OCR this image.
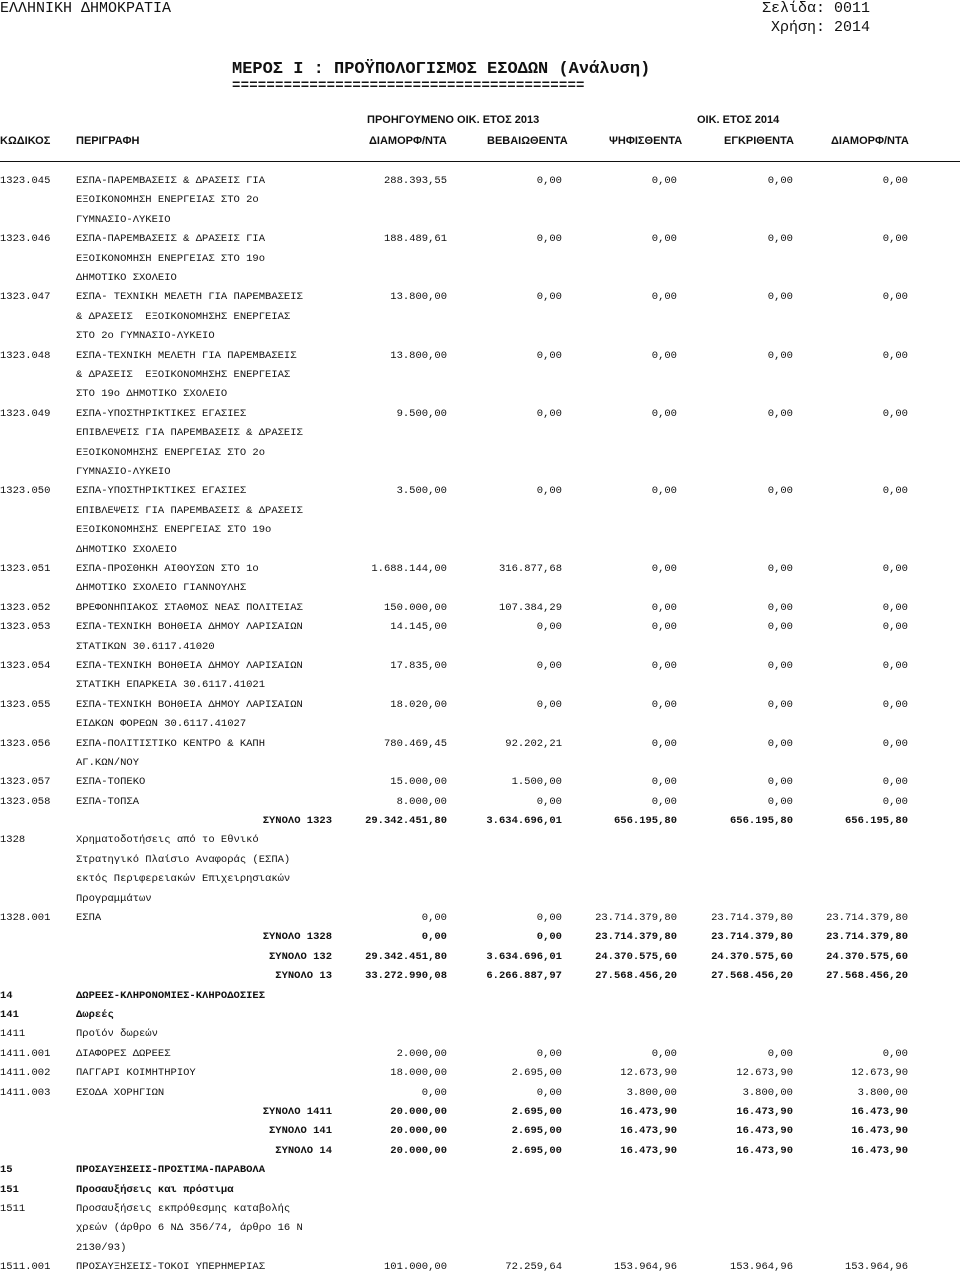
ΕΛΛΗΝΙΚΗ ΔΗΜΟΚΡΑΤΙΑ	Σελίδα: 0011
Χρήση: 2014
ΜΕΡΟΣ Ι : ΠΡΟΫΠΟΛΟΓΙΣΜΟΣ ΕΣΟΔΩΝ (Ανάλυση)
=========================================
ΠΡΟΗΓΟΥΜΕΝΟ ΟΙΚ. ΕΤΟΣ 2013	ΟΙΚ. ΕΤΟΣ 2014
ΚΩΔΙΚΟΣ ΠΕΡΙΓΡΑΦΗ	ΔΙΑΜΟΡΦ/ΝΤΑ	ΒΕΒΑΙΩΘΕΝΤΑ	ΨΗΦΙΣΘΕΝΤΑ	ΕΓΚΡΙΘΕΝΤΑ	ΔΙΑΜΟΡΦ/ΝΤΑ
1323.045 ΕΣΠΑ-ΠΑΡΕΜΒΑΣΕΙΣ & ΔΡΑΣΕΙΣ ΓΙΑ
ΕΞΟΙΚΟΝΟΜΗΣΗ ΕΝΕΡΓΕΙΑΣ ΣΤΟ 2ο
ΓΥΜΝΑΣΙΟ-ΛΥΚΕΙΟ
288.393,55	0,00	0,00	0,00	0,00
1323.046 ΕΣΠΑ-ΠΑΡΕΜΒΑΣΕΙΣ & ΔΡΑΣΕΙΣ ΓΙΑ
ΕΞΟΙΚΟΝΟΜΗΣΗ ΕΝΕΡΓΕΙΑΣ ΣΤΟ 19ο
ΔΗΜΟΤΙΚΟ ΣΧΟΛΕΙΟ
188.489,61	0,00	0,00	0,00	0,00
1323.047 ΕΣΠΑ- ΤΕΧΝΙΚΗ ΜΕΛΕΤΗ ΓΙΑ ΠΑΡΕΜΒΑΣΕΙΣ
& ΔΡΑΣΕΙΣ  ΕΞΟΙΚΟΝΟΜΗΣΗΣ ΕΝΕΡΓΕΙΑΣ
ΣΤΟ 2ο ΓΥΜΝΑΣΙΟ-ΛΥΚΕΙΟ
13.800,00	0,00	0,00	0,00	0,00
1323.048 ΕΣΠΑ-ΤΕΧΝΙΚΗ ΜΕΛΕΤΗ ΓΙΑ ΠΑΡΕΜΒΑΣΕΙΣ
& ΔΡΑΣΕΙΣ  ΕΞΟΙΚΟΝΟΜΗΣΗΣ ΕΝΕΡΓΕΙΑΣ
ΣΤΟ 19ο ΔΗΜΟΤΙΚΟ ΣΧΟΛΕΙΟ
13.800,00	0,00	0,00	0,00	0,00
1323.049 ΕΣΠΑ-ΥΠΟΣΤΗΡΙΚΤΙΚΕΣ ΕΓΑΣΙΕΣ
ΕΠΙΒΛΕΨΕΙΣ ΓΙΑ ΠΑΡΕΜΒΑΣΕΙΣ & ΔΡΑΣΕΙΣ
ΕΞΟΙΚΟΝΟΜΗΣΗΣ ΕΝΕΡΓΕΙΑΣ ΣΤΟ 2ο
ΓΥΜΝΑΣΙΟ-ΛΥΚΕΙΟ
9.500,00	0,00	0,00	0,00	0,00
1323.050 ΕΣΠΑ-ΥΠΟΣΤΗΡΙΚΤΙΚΕΣ ΕΓΑΣΙΕΣ
ΕΠΙΒΛΕΨΕΙΣ ΓΙΑ ΠΑΡΕΜΒΑΣΕΙΣ & ΔΡΑΣΕΙΣ
ΕΞΟΙΚΟΝΟΜΗΣΗΣ ΕΝΕΡΓΕΙΑΣ ΣΤΟ 19ο
ΔΗΜΟΤΙΚΟ ΣΧΟΛΕΙΟ
3.500,00	0,00	0,00	0,00	0,00
1323.051 ΕΣΠΑ-ΠΡΟΣΘΗΚΗ ΑΙΘΟΥΣΩΝ ΣΤΟ 1ο
ΔΗΜΟΤΙΚΟ ΣΧΟΛΕΙΟ ΓΙΑΝΝΟΥΛΗΣ
1.688.144,00	316.877,68	0,00	0,00	0,00
1323.052 ΒΡΕΦΟΝΗΠΙΑΚΟΣ ΣΤΑΘΜΟΣ ΝΕΑΣ ΠΟΛΙΤΕΙΑΣ	150.000,00	107.384,29	0,00	0,00	0,00
1323.053 ΕΣΠΑ-ΤΕΧΝΙΚΗ ΒΟΗΘΕΙΑ ΔΗΜΟΥ ΛΑΡΙΣΑΙΩΝ
ΣΤΑΤΙΚΩΝ 30.6117.41020
14.145,00	0,00	0,00	0,00	0,00
1323.054 ΕΣΠΑ-ΤΕΧΝΙΚΗ ΒΟΗΘΕΙΑ ΔΗΜΟΥ ΛΑΡΙΣΑΙΩΝ
ΣΤΑΤΙΚΗ ΕΠΑΡΚΕΙΑ 30.6117.41021
17.835,00	0,00	0,00	0,00	0,00
1323.055 ΕΣΠΑ-ΤΕΧΝΙΚΗ ΒΟΗΘΕΙΑ ΔΗΜΟΥ ΛΑΡΙΣΑΙΩΝ
ΕΙΔΚΩΝ ΦΟΡΕΩΝ 30.6117.41027
18.020,00	0,00	0,00	0,00	0,00
1323.056 ΕΣΠΑ-ΠΟΛΙΤΙΣΤΙΚΟ ΚΕΝΤΡΟ & ΚΑΠΗ
ΑΓ.ΚΩΝ/ΝΟΥ
780.469,45	92.202,21	0,00	0,00	0,00
1323.057 ΕΣΠΑ-ΤΟΠΕΚΟ	15.000,00	1.500,00	0,00	0,00	0,00
1323.058 ΕΣΠΑ-ΤΟΠΣΑ	8.000,00	0,00	0,00	0,00	0,00
ΣΥΝΟΛΟ 1323	29.342.451,80	3.634.696,01	656.195,80	656.195,80	656.195,80
1328	Χρηματοδοτήσεις από το Εθνικό
Στρατηγικό Πλαίσιο Αναφοράς (ΕΣΠΑ)
εκτός Περιφερειακών Επιχειρησιακών
Προγραμμάτων
1328.001 ΕΣΠΑ	0,00	0,00	23.714.379,80	23.714.379,80	23.714.379,80
ΣΥΝΟΛΟ 1328	0,00	0,00	23.714.379,80	23.714.379,80	23.714.379,80
ΣΥΝΟΛΟ 132	29.342.451,80	3.634.696,01	24.370.575,60	24.370.575,60	24.370.575,60
ΣΥΝΟΛΟ 13	33.272.990,08	6.266.887,97	27.568.456,20	27.568.456,20	27.568.456,20
14	ΔΩΡΕΕΣ-ΚΛΗΡΟΝΟΜΙΕΣ-ΚΛΗΡΟΔΟΣΙΕΣ
141	Δωρεές
1411	Προϊόν δωρεών
1411.001 ΔΙΑΦΟΡΕΣ ΔΩΡΕΕΣ	2.000,00	0,00	0,00	0,00	0,00
1411.002 ΠΑΓΓΑΡΙ ΚΟΙΜΗΤΗΡΙΟΥ	18.000,00	2.695,00	12.673,90	12.673,90	12.673,90
1411.003 ΕΣΟΔΑ ΧΟΡΗΓΙΩΝ	0,00	0,00	3.800,00	3.800,00	3.800,00
ΣΥΝΟΛΟ 1411	20.000,00	2.695,00	16.473,90	16.473,90	16.473,90
ΣΥΝΟΛΟ 141	20.000,00	2.695,00	16.473,90	16.473,90	16.473,90
ΣΥΝΟΛΟ 14	20.000,00	2.695,00	16.473,90	16.473,90	16.473,90
15	ΠΡΟΣΑΥΞΗΣΕΙΣ-ΠΡΟΣΤΙΜΑ-ΠΑΡΑΒΟΛΑ
151	Προσαυξήσεις και πρόστιμα
1511	Προσαυξήσεις εκπρόθεσμης καταβολής
χρεών (άρθρο 6 ΝΔ 356/74, άρθρο 16 Ν
2130/93)
1511.001 ΠΡΟΣΑΥΞΗΣΕΙΣ-ΤΟΚΟΙ ΥΠΕΡΗΜΕΡΙΑΣ	101.000,00	72.259,64	153.964,96	153.964,96	153.964,96
